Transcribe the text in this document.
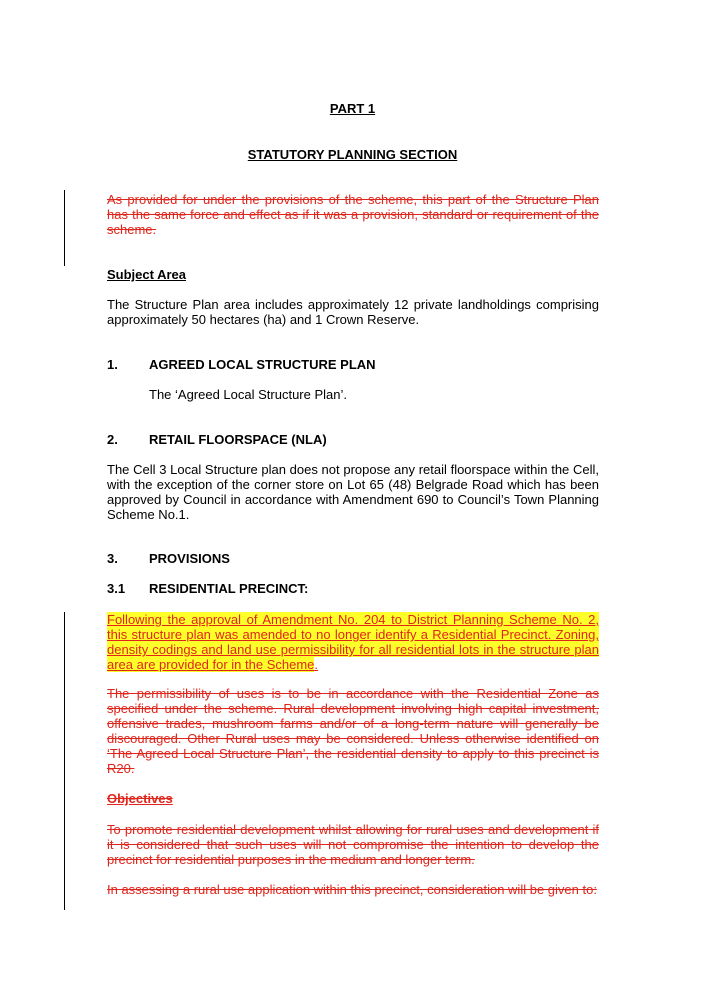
PART 1
STATUTORY PLANNING SECTION
As provided for under the provisions of the scheme, this part of the Structure Plan has the same force and effect as if it was a provision, standard or requirement of the scheme.
Subject Area
The Structure Plan area includes approximately 12 private landholdings comprising approximately 50 hectares (ha) and 1 Crown Reserve.
1. AGREED LOCAL STRUCTURE PLAN
The ‘Agreed Local Structure Plan’.
2. RETAIL FLOORSPACE (NLA)
The Cell 3 Local Structure plan does not propose any retail floorspace within the Cell, with the exception of the corner store on Lot 65 (48) Belgrade Road which has been approved by Council in accordance with Amendment 690 to Council’s Town Planning Scheme No.1.
3. PROVISIONS
3.1 RESIDENTIAL PRECINCT:
Following the approval of Amendment No. 204 to District Planning Scheme No. 2, this structure plan was amended to no longer identify a Residential Precinct. Zoning, density codings and land use permissibility for all residential lots in the structure plan area are provided for in the Scheme.
The permissibility of uses is to be in accordance with the Residential Zone as specified under the scheme. Rural development involving high capital investment, offensive trades, mushroom farms and/or of a long-term nature will generally be discouraged. Other Rural uses may be considered. Unless otherwise identified on ‘The Agreed Local Structure Plan’, the residential density to apply to this precinct is R20.
Objectives
To promote residential development whilst allowing for rural uses and development if it is considered that such uses will not compromise the intention to develop the precinct for residential purposes in the medium and longer term.
In assessing a rural use application within this precinct, consideration will be given to:
